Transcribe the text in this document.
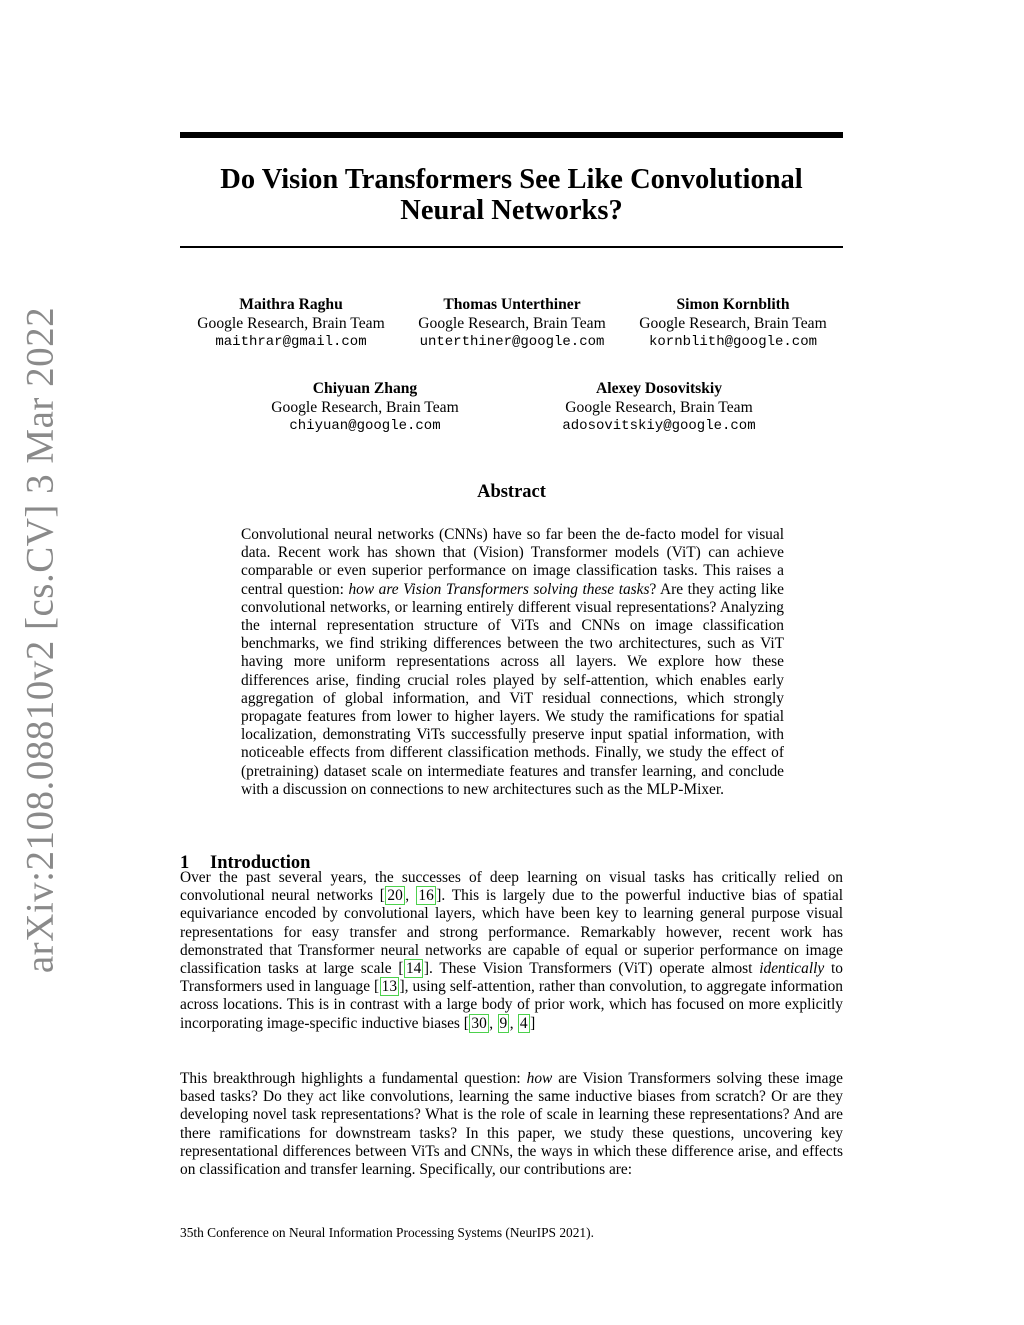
arXiv:2108.08810v2 [cs.CV] 3 Mar 2022
Do Vision Transformers See Like Convolutional
Neural Networks?
Maithra Raghu
Google Research, Brain Team
maithrar@gmail.com
Thomas Unterthiner
Google Research, Brain Team
unterthiner@google.com
Simon Kornblith
Google Research, Brain Team
kornblith@google.com
Chiyuan Zhang
Google Research, Brain Team
chiyuan@google.com
Alexey Dosovitskiy
Google Research, Brain Team
adosovitskiy@google.com
Abstract
Convolutional neural networks (CNNs) have so far been the de-facto model for visual data. Recent work has shown that (Vision) Transformer models (ViT) can achieve comparable or even superior performance on image classification tasks. This raises a central question: how are Vision Transformers solving these tasks? Are they acting like convolutional networks, or learning entirely different visual representations? Analyzing the internal representation structure of ViTs and CNNs on image classification benchmarks, we find striking differences between the two architectures, such as ViT having more uniform representations across all layers. We explore how these differences arise, finding crucial roles played by self-attention, which enables early aggregation of global information, and ViT residual connections, which strongly propagate features from lower to higher layers. We study the ramifications for spatial localization, demonstrating ViTs successfully preserve input spatial information, with noticeable effects from different classification methods. Finally, we study the effect of (pretraining) dataset scale on intermediate features and transfer learning, and conclude with a discussion on connections to new architectures such as the MLP-Mixer.
1 Introduction
Over the past several years, the successes of deep learning on visual tasks has critically relied on convolutional neural networks [ 20 , 16 ]. This is largely due to the powerful inductive bias of spatial equivariance encoded by convolutional layers, which have been key to learning general purpose visual representations for easy transfer and strong performance. Remarkably however, recent work has demonstrated that Transformer neural networks are capable of equal or superior performance on image classification tasks at large scale [ 14 ]. These Vision Transformers (ViT) operate almost identically to Transformers used in language [ 13 ], using self-attention, rather than convolution, to aggregate information across locations. This is in contrast with a large body of prior work, which has focused on more explicitly incorporating image-specific inductive biases [ 30 , 9 , 4 ]
This breakthrough highlights a fundamental question: how are Vision Transformers solving these image based tasks? Do they act like convolutions, learning the same inductive biases from scratch? Or are they developing novel task representations? What is the role of scale in learning these representations? And are there ramifications for downstream tasks? In this paper, we study these questions, uncovering key representational differences between ViTs and CNNs, the ways in which these difference arise, and effects on classification and transfer learning. Specifically, our contributions are:
35th Conference on Neural Information Processing Systems (NeurIPS 2021).
